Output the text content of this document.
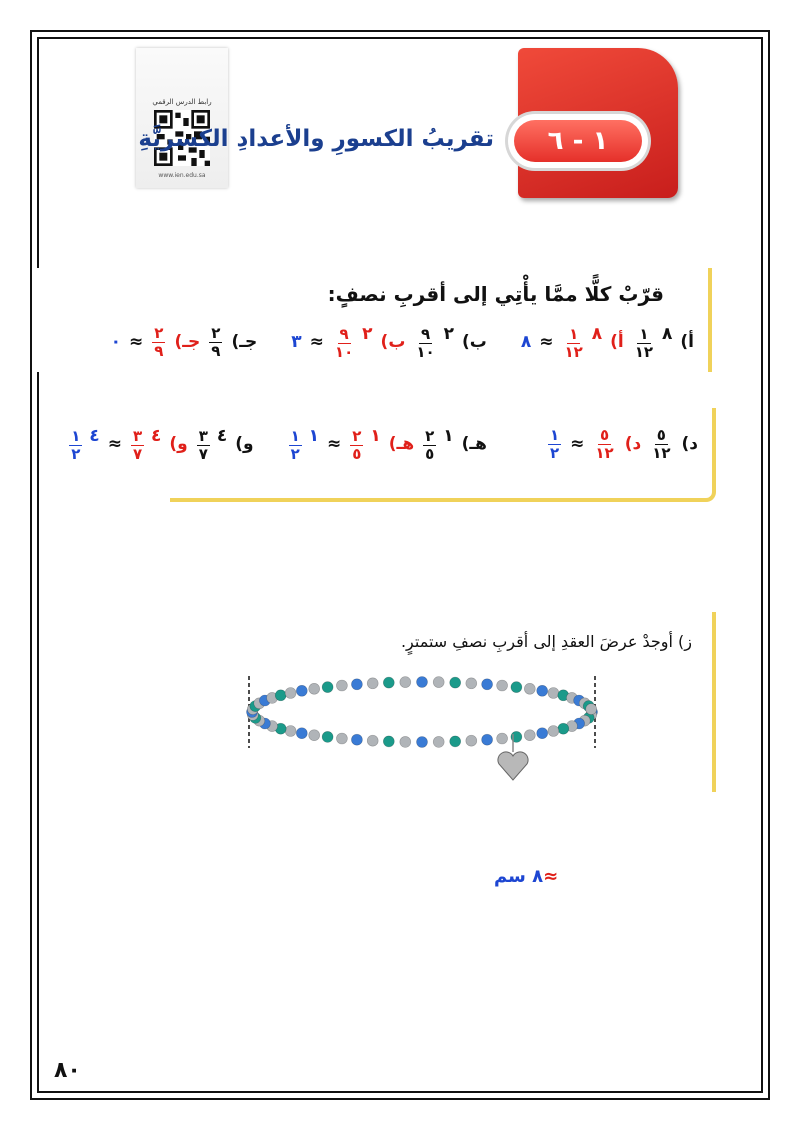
رابط الدرس الرقمي
www.ien.edu.sa
١ - ٦
تقريبُ الكسورِ والأعدادِ الكسريَّةِ
قرّبْ كلًّا ممَّا يأْتِي إلى أقربِ نصفٍ:
أ)
٨
$\frac{١}{١٢}$
أ)
٨
$\frac{١}{١٢}$
≈
٨
ب)
٢
$\frac{٩}{١٠}$
ب)
٢
$\frac{٩}{١٠}$
≈
٣
جـ)
$\frac{٢}{٩}$
جـ)
$\frac{٢}{٩}$
≈
٠
د)
$\frac{٥}{١٢}$
د)
$\frac{٥}{١٢}$
≈
$\frac{١}{٢}$
هـ)
١
$\frac{٢}{٥}$
هـ)
١
$\frac{٢}{٥}$
≈
١
$\frac{١}{٢}$
و)
٤
$\frac{٣}{٧}$
و)
٤
$\frac{٣}{٧}$
≈
٤
$\frac{١}{٢}$
ز) أوجدْ عرضَ العقدِ إلى أقربِ نصفِ ستمترٍ.
≈٨ سم
٨٠
